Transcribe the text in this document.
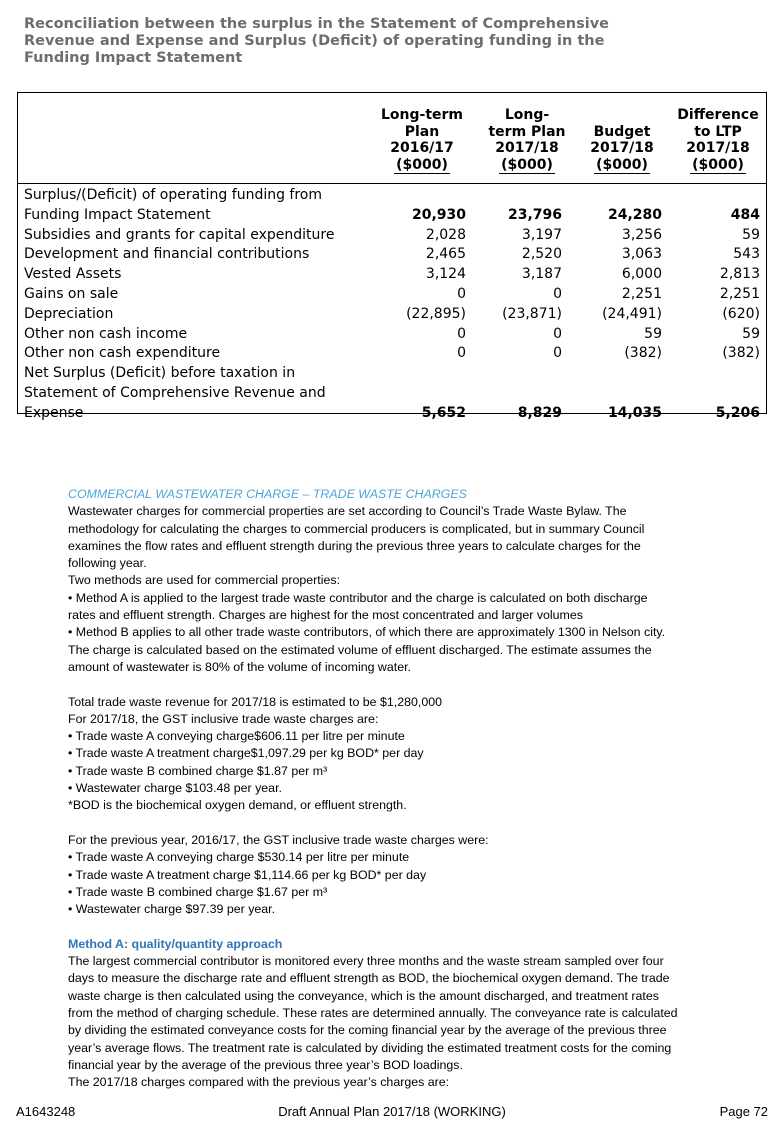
Reconciliation between the surplus in the Statement of Comprehensive
Revenue and Expense and Surplus (Deficit) of operating funding in the
Funding Impact Statement
Long-term
Plan
2016/17
($000)
Long-
term Plan
2017/18
($000)
Budget
2017/18
($000)
Difference
to LTP
2017/18
($000)
Surplus/(Deficit) of operating funding from
Funding Impact Statement	20,930	23,796	24,280	484
Subsidies and grants for capital expenditure	2,028	3,197	3,256	59
Development and financial contributions	2,465	2,520	3,063	543
Vested Assets	3,124	3,187	6,000	2,813
Gains on sale	0	0	2,251	2,251
Depreciation	(22,895)	(23,871)	(24,491)	(620)
Other non cash income	0	0	59	59
Other non cash expenditure	0	0	(382)	(382)
Net Surplus (Deficit) before taxation in
Statement of Comprehensive Revenue and
Expense	5,652	8,829	14,035	5,206
COMMERCIAL WASTEWATER CHARGE – TRADE WASTE CHARGES
Wastewater charges for commercial properties are set according to Council’s Trade Waste Bylaw. The
methodology for calculating the charges to commercial producers is complicated, but in summary Council
examines the flow rates and effluent strength during the previous three years to calculate charges for the
following year.
Two methods are used for commercial properties:
• Method A is applied to the largest trade waste contributor and the charge is calculated on both discharge
rates and effluent strength. Charges are highest for the most concentrated and larger volumes
• Method B applies to all other trade waste contributors, of which there are approximately 1300 in Nelson city.
The charge is calculated based on the estimated volume of effluent discharged. The estimate assumes the
amount of wastewater is 80% of the volume of incoming water.
Total trade waste revenue for 2017/18 is estimated to be $1,280,000
For 2017/18, the GST inclusive trade waste charges are:
• Trade waste A conveying charge$606.11 per litre per minute
• Trade waste A treatment charge$1,097.29 per kg BOD* per day
• Trade waste B combined charge $1.87 per m³
• Wastewater charge $103.48 per year.
*BOD is the biochemical oxygen demand, or effluent strength.
For the previous year, 2016/17, the GST inclusive trade waste charges were:
• Trade waste A conveying charge $530.14 per litre per minute
• Trade waste A treatment charge $1,114.66 per kg BOD* per day
• Trade waste B combined charge $1.67 per m³
• Wastewater charge $97.39 per year.
Method A: quality/quantity approach
The largest commercial contributor is monitored every three months and the waste stream sampled over four
days to measure the discharge rate and effluent strength as BOD, the biochemical oxygen demand. The trade
waste charge is then calculated using the conveyance, which is the amount discharged, and treatment rates
from the method of charging schedule. These rates are determined annually. The conveyance rate is calculated
by dividing the estimated conveyance costs for the coming financial year by the average of the previous three
year’s average flows. The treatment rate is calculated by dividing the estimated treatment costs for the coming
financial year by the average of the previous three year’s BOD loadings.
The 2017/18 charges compared with the previous year’s charges are:
A1643248	Draft Annual Plan 2017/18 (WORKING)	Page 72
